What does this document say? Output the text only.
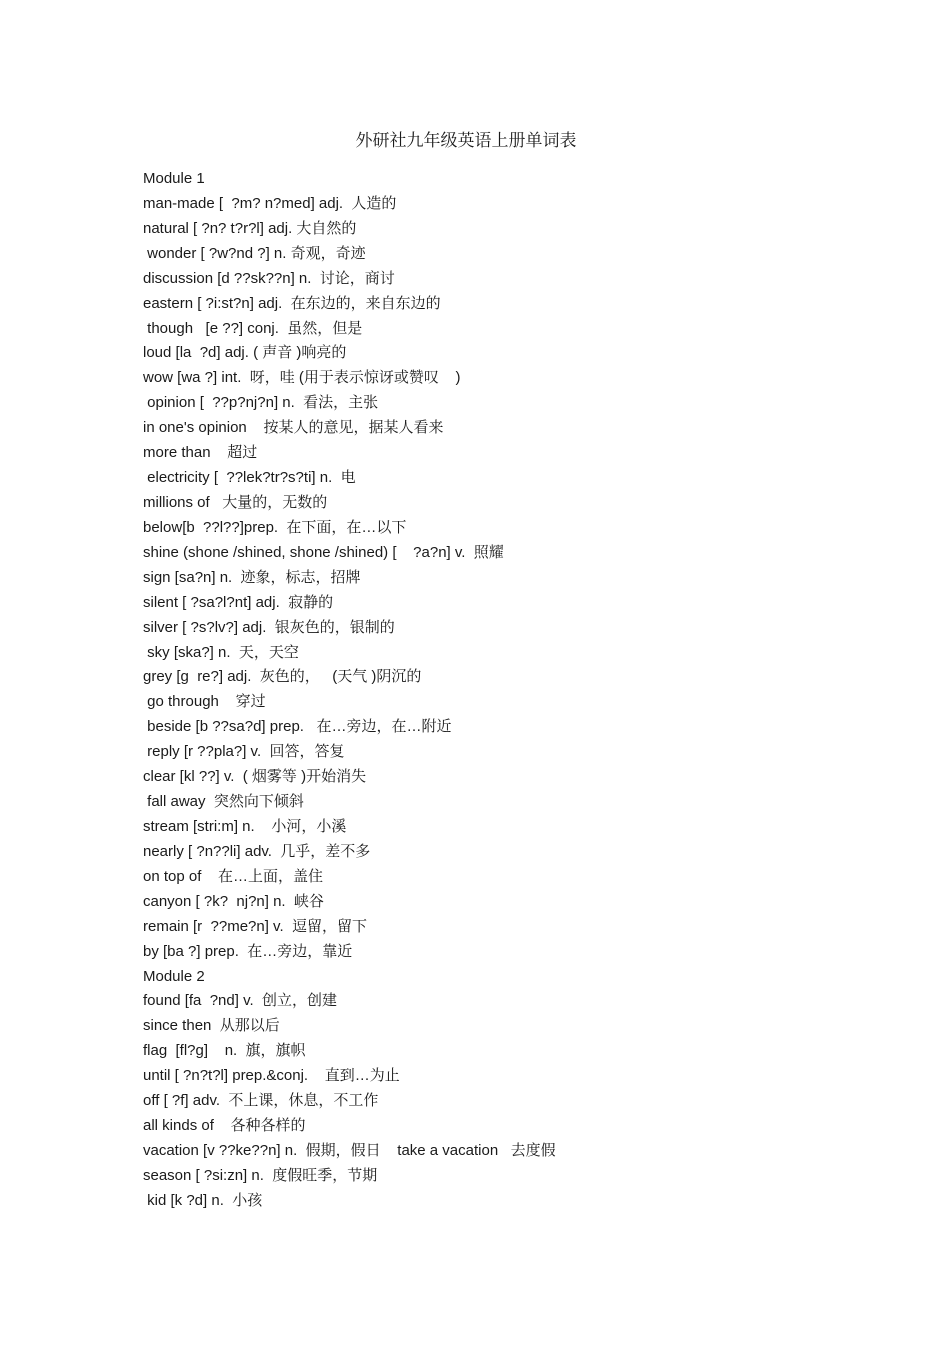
外研社九年级英语上册单词表
Module 1
man-made [  ?m? n?med] adj.  人造的
natural [ ?n? t?r?l] adj. 大自然的
wonder [ ?w?nd ?] n. 奇观，奇迹
discussion [d ??sk??n] n.  讨论，商讨
eastern [ ?i:st?n] adj.  在东边的，来自东边的
though   [e ??] conj.  虽然，但是
loud [la  ?d] adj. ( 声音 )响亮的
wow [wa ?] int.  呀，哇 (用于表示惊讶或赞叹    )
opinion [  ??p?nj?n] n.  看法，主张
in one's opinion    按某人的意见，据某人看来
more than    超过
electricity [  ??lek?tr?s?ti] n.  电
millions of   大量的，无数的
below[b  ??l??]prep.  在下面，在…以下
shine (shone /shined, shone /shined) [    ?a?n] v.  照耀
sign [sa?n] n.  迹象，标志，招牌
silent [ ?sa?l?nt] adj.  寂静的
silver [ ?s?lv?] adj.  银灰色的，银制的
sky [ska?] n.  天，天空
grey [ɡ  re?] adj.  灰色的，   (天气 )阴沉的
go through    穿过
beside [b ??sa?d] prep.   在…旁边，在…附近
reply [r ??pla?] v.  回答，答复
clear [kl ??] v.  ( 烟雾等 )开始消失
fall away  突然向下倾斜
stream [stri:m] n.    小河，小溪
nearly [ ?n??li] adv.  几乎，差不多
on top of    在…上面，盖住
canyon [ ?k?  nj?n] n.  峡谷
remain [r  ??me?n] v.  逗留，留下
by [ba ?] prep.  在…旁边，靠近
Module 2
found [fa  ?nd] v.  创立，创建
since then  从那以后
flag  [fl?g]    n.  旗，旗帜
until [ ?n?t?l] prep.&conj.    直到…为止
off [ ?f] adv.  不上课，休息，不工作
all kinds of    各种各样的
vacation [v ??ke??n] n.  假期，假日    take a vacation   去度假
season [ ?si:zn] n.  度假旺季，节期
kid [k ?d] n.  小孩
